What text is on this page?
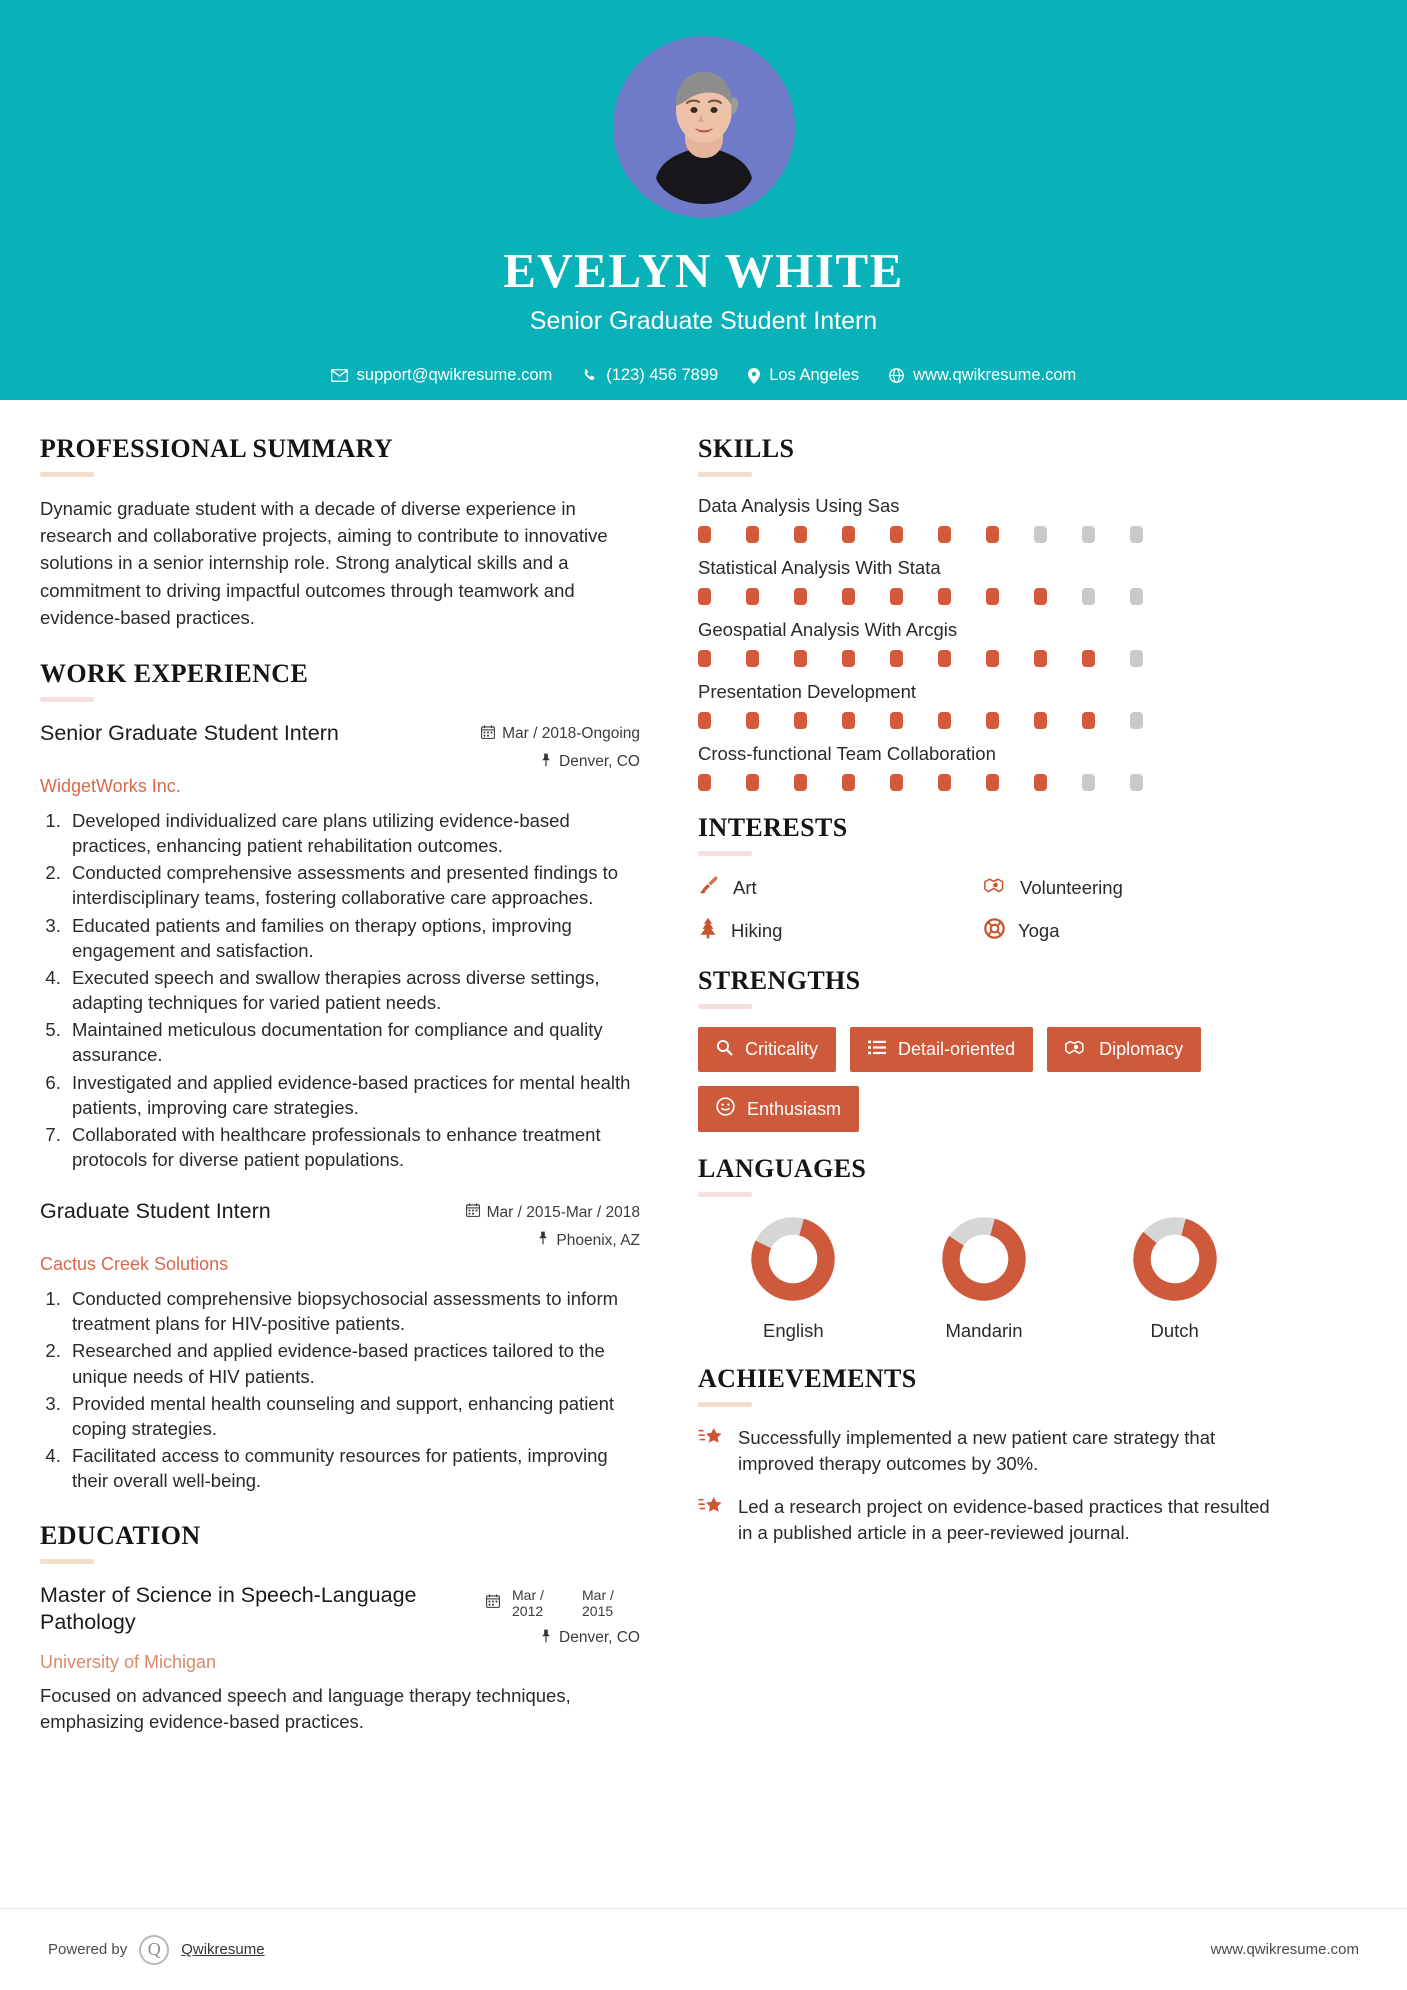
EVELYN WHITE
Senior Graduate Student Intern
support@qwikresume.com	(123) 456 7899	Los Angeles	www.qwikresume.com
PROFESSIONAL SUMMARY
Dynamic graduate student with a decade of diverse experience in research and collaborative projects, aiming to contribute to innovative solutions in a senior internship role. Strong analytical skills and a commitment to driving impactful outcomes through teamwork and evidence-based practices.
WORK EXPERIENCE
Senior Graduate Student Intern	Mar / 2018-Ongoing
Denver, CO
WidgetWorks Inc.
1. Developed individualized care plans utilizing evidence-based practices, enhancing patient rehabilitation outcomes.
2. Conducted comprehensive assessments and presented findings to interdisciplinary teams, fostering collaborative care approaches.
3. Educated patients and families on therapy options, improving engagement and satisfaction.
4. Executed speech and swallow therapies across diverse settings, adapting techniques for varied patient needs.
5. Maintained meticulous documentation for compliance and quality assurance.
6. Investigated and applied evidence-based practices for mental health patients, improving care strategies.
7. Collaborated with healthcare professionals to enhance treatment protocols for diverse patient populations.
Graduate Student Intern	Mar / 2015-Mar / 2018
Phoenix, AZ
Cactus Creek Solutions
1. Conducted comprehensive biopsychosocial assessments to inform treatment plans for HIV-positive patients.
2. Researched and applied evidence-based practices tailored to the unique needs of HIV patients.
3. Provided mental health counseling and support, enhancing patient coping strategies.
4. Facilitated access to community resources for patients, improving their overall well-being.
EDUCATION
Master of Science in Speech-Language Pathology
Mar / 2012
Mar / 2015
Denver, CO
University of Michigan
Focused on advanced speech and language therapy techniques, emphasizing evidence-based practices.
SKILLS
Data Analysis Using Sas
Statistical Analysis With Stata
Geospatial Analysis With Arcgis
Presentation Development
Cross-functional Team Collaboration
INTERESTS
Art	Volunteering
Hiking	Yoga
STRENGTHS
Criticality	Detail-oriented	Diplomacy
Enthusiasm
LANGUAGES
English	Mandarin	Dutch
ACHIEVEMENTS
Successfully implemented a new patient care strategy that improved therapy outcomes by 30%.
Led a research project on evidence-based practices that resulted in a published article in a peer-reviewed journal.
Powered by	Q	Qwikresume	www.qwikresume.com
